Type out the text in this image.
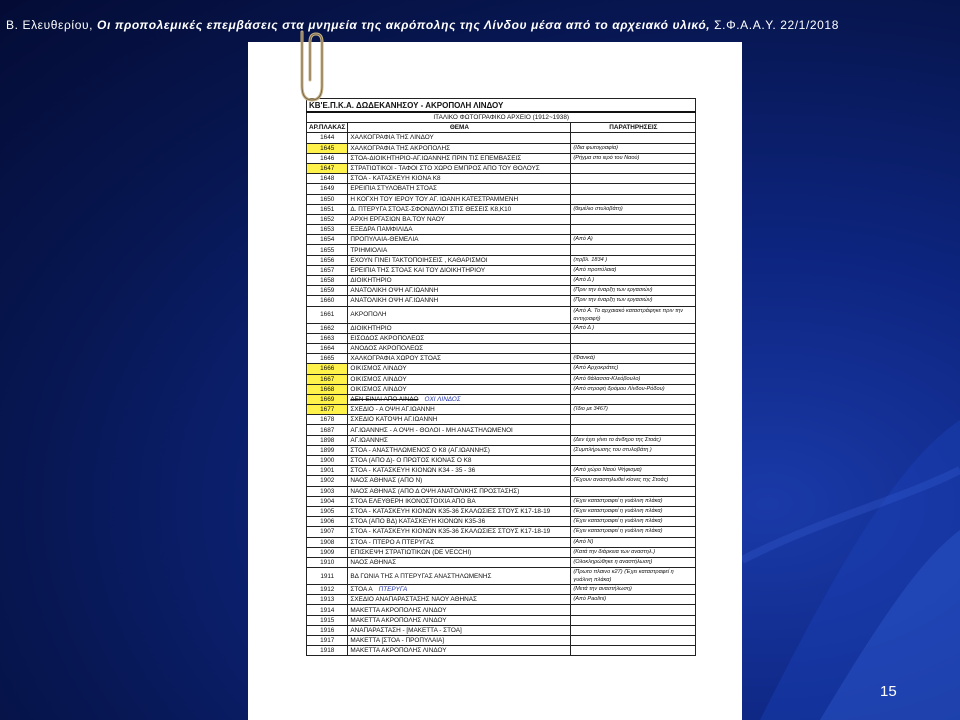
Β. Ελευθερίου, Οι προπολεμικές επεμβάσεις στα μνημεία της ακρόπολης της Λίνδου μέσα από το αρχειακό υλικό, Σ.Φ.Α.Α.Υ. 22/1/2018
ΚΒ'Ε.Π.Κ.Α. ΔΩΔΕΚΑΝΗΣΟΥ - ΑΚΡΟΠΟΛΗ ΛΙΝΔΟΥ		
ΙΤΑΛΙΚΟ ΦΩΤΟΓΡΑΦΙΚΟ ΑΡΧΕΙΟ (1912~1938)		
ΑΡ.ΠΛΑΚΑΣ	ΘΕΜΑ	ΠΑΡΑΤΗΡΗΣΕΙΣ
1644	ΧΑΛΚΟΓΡΑΦΙΑ ΤΗΣ ΛΙΝΔΟΥ	
1645	ΧΑΛΚΟΓΡΑΦΙΑ ΤΗΣ ΑΚΡΟΠΟΛΗΣ	(Ιδια φωτογραφία)
1646	ΣΤΟΑ-ΔΙΟΙΚΗΤΗΡΙΟ-ΑΓ.ΙΩΑΝΝΗΣ ΠΡΙΝ ΤΙΣ ΕΠΕΜΒΑΣΕΙΣ	(Ρήγμα στο ιερό του Ναού)
1647	ΣΤΡΑΤΙΩΤΙΚΟΙ - ΤΑΦΟΙ ΣΤΟ ΧΩΡΟ ΕΜΠΡΟΣ ΑΠΟ ΤΟΥ ΘΟΛΟΥΣ	
1648	ΣΤΟΑ - ΚΑΤΑΣΚΕΥΗ ΚΙΟΝΑ Κ8	
1649	ΕΡΕΙΠΙΑ ΣΤΥΛΟΒΑΤΗ ΣΤΟΑΣ	
1650	Η ΚΟΓΧΗ ΤΟΥ ΙΕΡΟΥ ΤΟΥ ΑΓ. ΙΩΑΝΗ ΚΑΤΕΣΤΡΑΜΜΕΝΗ	
1651	Δ. ΠΤΕΡΥΓΑ ΣΤΟΑΣ-ΣΦΟΝΔΥΛΟΙ ΣΤΙΣ ΘΕΣΕΙΣ Κ8,Κ10	(θεμέλιο στυλοβάτη)
1652	ΑΡΧΗ ΕΡΓΑΣΙΩΝ ΒΑ.ΤΟΥ ΝΑΟΥ	
1653	ΕΞΕΔΡΑ ΠΑΜΦΙΛΙΔΑ	
1654	ΠΡΟΠΥΛΑΙΑ-ΘΕΜΕΛΙΑ	(Από Α)
1655	ΤΡΙΗΜΙΟΛΙΑ	
1656	ΕΧΟΥΝ ΓΙΝΕΙ ΤΑΚΤΟΠΟΙΗΣΕΙΣ , ΚΑΘΑΡΙΣΜΟΙ	(πρβλ. 1834 )
1657	ΕΡΕΙΠΙΑ ΤΗΣ ΣΤΟΑΣ ΚΑΙ ΤΟΥ ΔΙΟΙΚΗΤΗΡΙΟΥ	(Από προπύλαια)
1658	ΔΙΟΙΚΗΤΗΡΙΟ	(Από Δ )
1659	ΑΝΑΤΟΛΙΚΗ ΟΨΗ ΑΓ.ΙΩΑΝΝΗ	(Πριν την έναρξη των εργασιών)
1660	ΑΝΑΤΟΛΙΚΗ ΟΨΗ ΑΓ.ΙΩΑΝΝΗ	(Πριν την έναρξη των εργασιών)
1661	ΑΚΡΟΠΟΛΗ	(Από Α. Το αρχαιακό καταστράφηκε πριν την αντιγραφή)
1662	ΔΙΟΙΚΗΤΗΡΙΟ	(Από Δ )
1663	ΕΙΣΟΔΟΣ ΑΚΡΟΠΟΛΕΩΣ	
1664	ΑΝΟΔΟΣ ΑΚΡΟΠΟΛΕΩΣ	
1665	ΧΑΛΚΟΓΡΑΦΙΑ ΧΩΡΟΥ ΣΤΟΑΣ	(Φανικά)
1666	ΟΙΚΙΣΜΟΣ ΛΙΝΔΟΥ	(Από Αρχοκράτες)
1667	ΟΙΚΙΣΜΟΣ ΛΙΝΔΟΥ	(Από θάλασσα-Κλεόβουλο)
1668	ΟΙΚΙΣΜΟΣ ΛΙΝΔΟΥ	(Από στροφή δρόμου Λίνδου-Ρόδου)
1669	ΔΕΝ ΕΙΝΑΙ ΑΠΟ ΛΙΝΔΟ ΟΧΙ ΛΙΝΔΟΣ	
1677	ΣΧΕΔΙΟ - Α ΟΨΗ ΑΓ.ΙΩΑΝΝΗ	(Ίδιο με 3467)
1678	ΣΧΕΔΙΟ ΚΑΤΟΨΗ ΑΓ.ΙΩΑΝΝΗ	
1687	ΑΓ.ΙΩΑΝΝΗΣ - Α ΟΨΗ - ΘΟΛΟΙ - ΜΗ ΑΝΑΣΤΗΛΩΜΕΝΟΙ	
1898	ΑΓ.ΙΩΑΝΝΗΣ	(Δεν έχει γίνει το άνδηρο της Στοάς)
1899	ΣΤΟΑ - ΑΝΑΣΤΗΛΩΜΕΝΟΣ Ο Κ8 (ΑΓ.ΙΩΑΝΝΗΣ)	(Συμπλήρωσης του στυλοβάτη )
1900	ΣΤΟΑ (ΑΠΟ Δ)- Ο ΠΡΩΤΟΣ ΚΙΟΝΑΣ Ο Κ8	
1901	ΣΤΟΑ - ΚΑΤΑΣΚΕΥΗ ΚΙΟΝΩΝ Κ34 - 35 - 36	(Από χώρο Ναού Ψήφισμα)
1902	ΝΑΟΣ ΑΘΗΝΑΣ (ΑΠΟ Ν)	(Έχουν αναστηλωθεί κίονες της Στοάς)
1903	ΝΑΟΣ ΑΘΗΝΑΣ (ΑΠΟ Δ ΟΨΗ ΑΝΑΤΟΛΙΚΗΣ ΠΡΟΣΤΑΣΗΣ)	
1904	ΣΤΟΑ ΕΛΕΥΘΕΡΗ ΙΚΟΝΟΣΤΟΙΧΙΑ ΑΠΟ ΒΑ	(Έχει καταστραφεί η γυάλινη πλάκα)
1905	ΣΤΟΑ - ΚΑΤΑΣΚΕΥΗ ΚΙΟΝΩΝ Κ35-36 ΣΚΑΛΩΣΙΕΣ ΣΤΟΥΣ Κ17-18-19	(Έχει καταστραφεί η γυάλινη πλάκα)
1906	ΣΤΟΑ (ΑΠΟ ΒΔ) ΚΑΤΑΣΚΕΥΗ ΚΙΟΝΩΝ Κ35-36	(Έχει καταστραφεί η γυάλινη πλάκα)
1907	ΣΤΟΑ - ΚΑΤΑΣΚΕΥΗ ΚΙΟΝΩΝ Κ35-36 ΣΚΑΛΩΣΙΕΣ ΣΤΟΥΣ Κ17-18-19	(Έχει καταστραφεί η γυάλινη πλάκα)
1908	ΣΤΟΑ - ΠΤΕΡΟ Α ΠΤΕΡΥΓΑΣ	(Από Ν)
1909	ΕΠΙΣΚΕΨΗ ΣΤΡΑΤΙΩΤΙΚΩΝ (DE VECCHI)	(Κατά την διάρκεια των αναστηλ.)
1910	ΝΑΟΣ ΑΘΗΝΑΣ	(Ολοκληρώθηκε η αναστήλωση)
1911	ΒΔ ΓΩΝΙΑ ΤΗΣ Α ΠΤΕΡΥΓΑΣ ΑΝΑΣΤΗΛΩΜΕΝΗΣ	(Πρωτο πλαινο κ27) (Έχει καταστραφεί η γυάλινη πλάκα)
1912	ΣΤΟΑ Α ΠΤΕΡΥΓΑ	(Μετά την αναστήλωση)
1913	ΣΧΕΔΙΟ ΑΝΑΠΑΡΑΣΤΑΣΗΣ ΝΑΟΥ ΑΘΗΝΑΣ	(Από Paolini)
1914	ΜΑΚΕΤΤΑ ΑΚΡΟΠΟΛΗΣ ΛΙΝΔΟΥ	
1915	ΜΑΚΕΤΤΑ ΑΚΡΟΠΟΛΗΣ ΛΙΝΔΟΥ	
1916	ΑΝΑΠΑΡΑΣΤΑΣΗ - [ΜΑΚΕΤΤΑ - ΣΤΟΑ]	
1917	ΜΑΚΕΤΤΑ [ΣΤΟΑ - ΠΡΟΠΥΛΑΙΑ]	
1918	ΜΑΚΕΤΤΑ ΑΚΡΟΠΟΛΗΣ ΛΙΝΔΟΥ	
15
